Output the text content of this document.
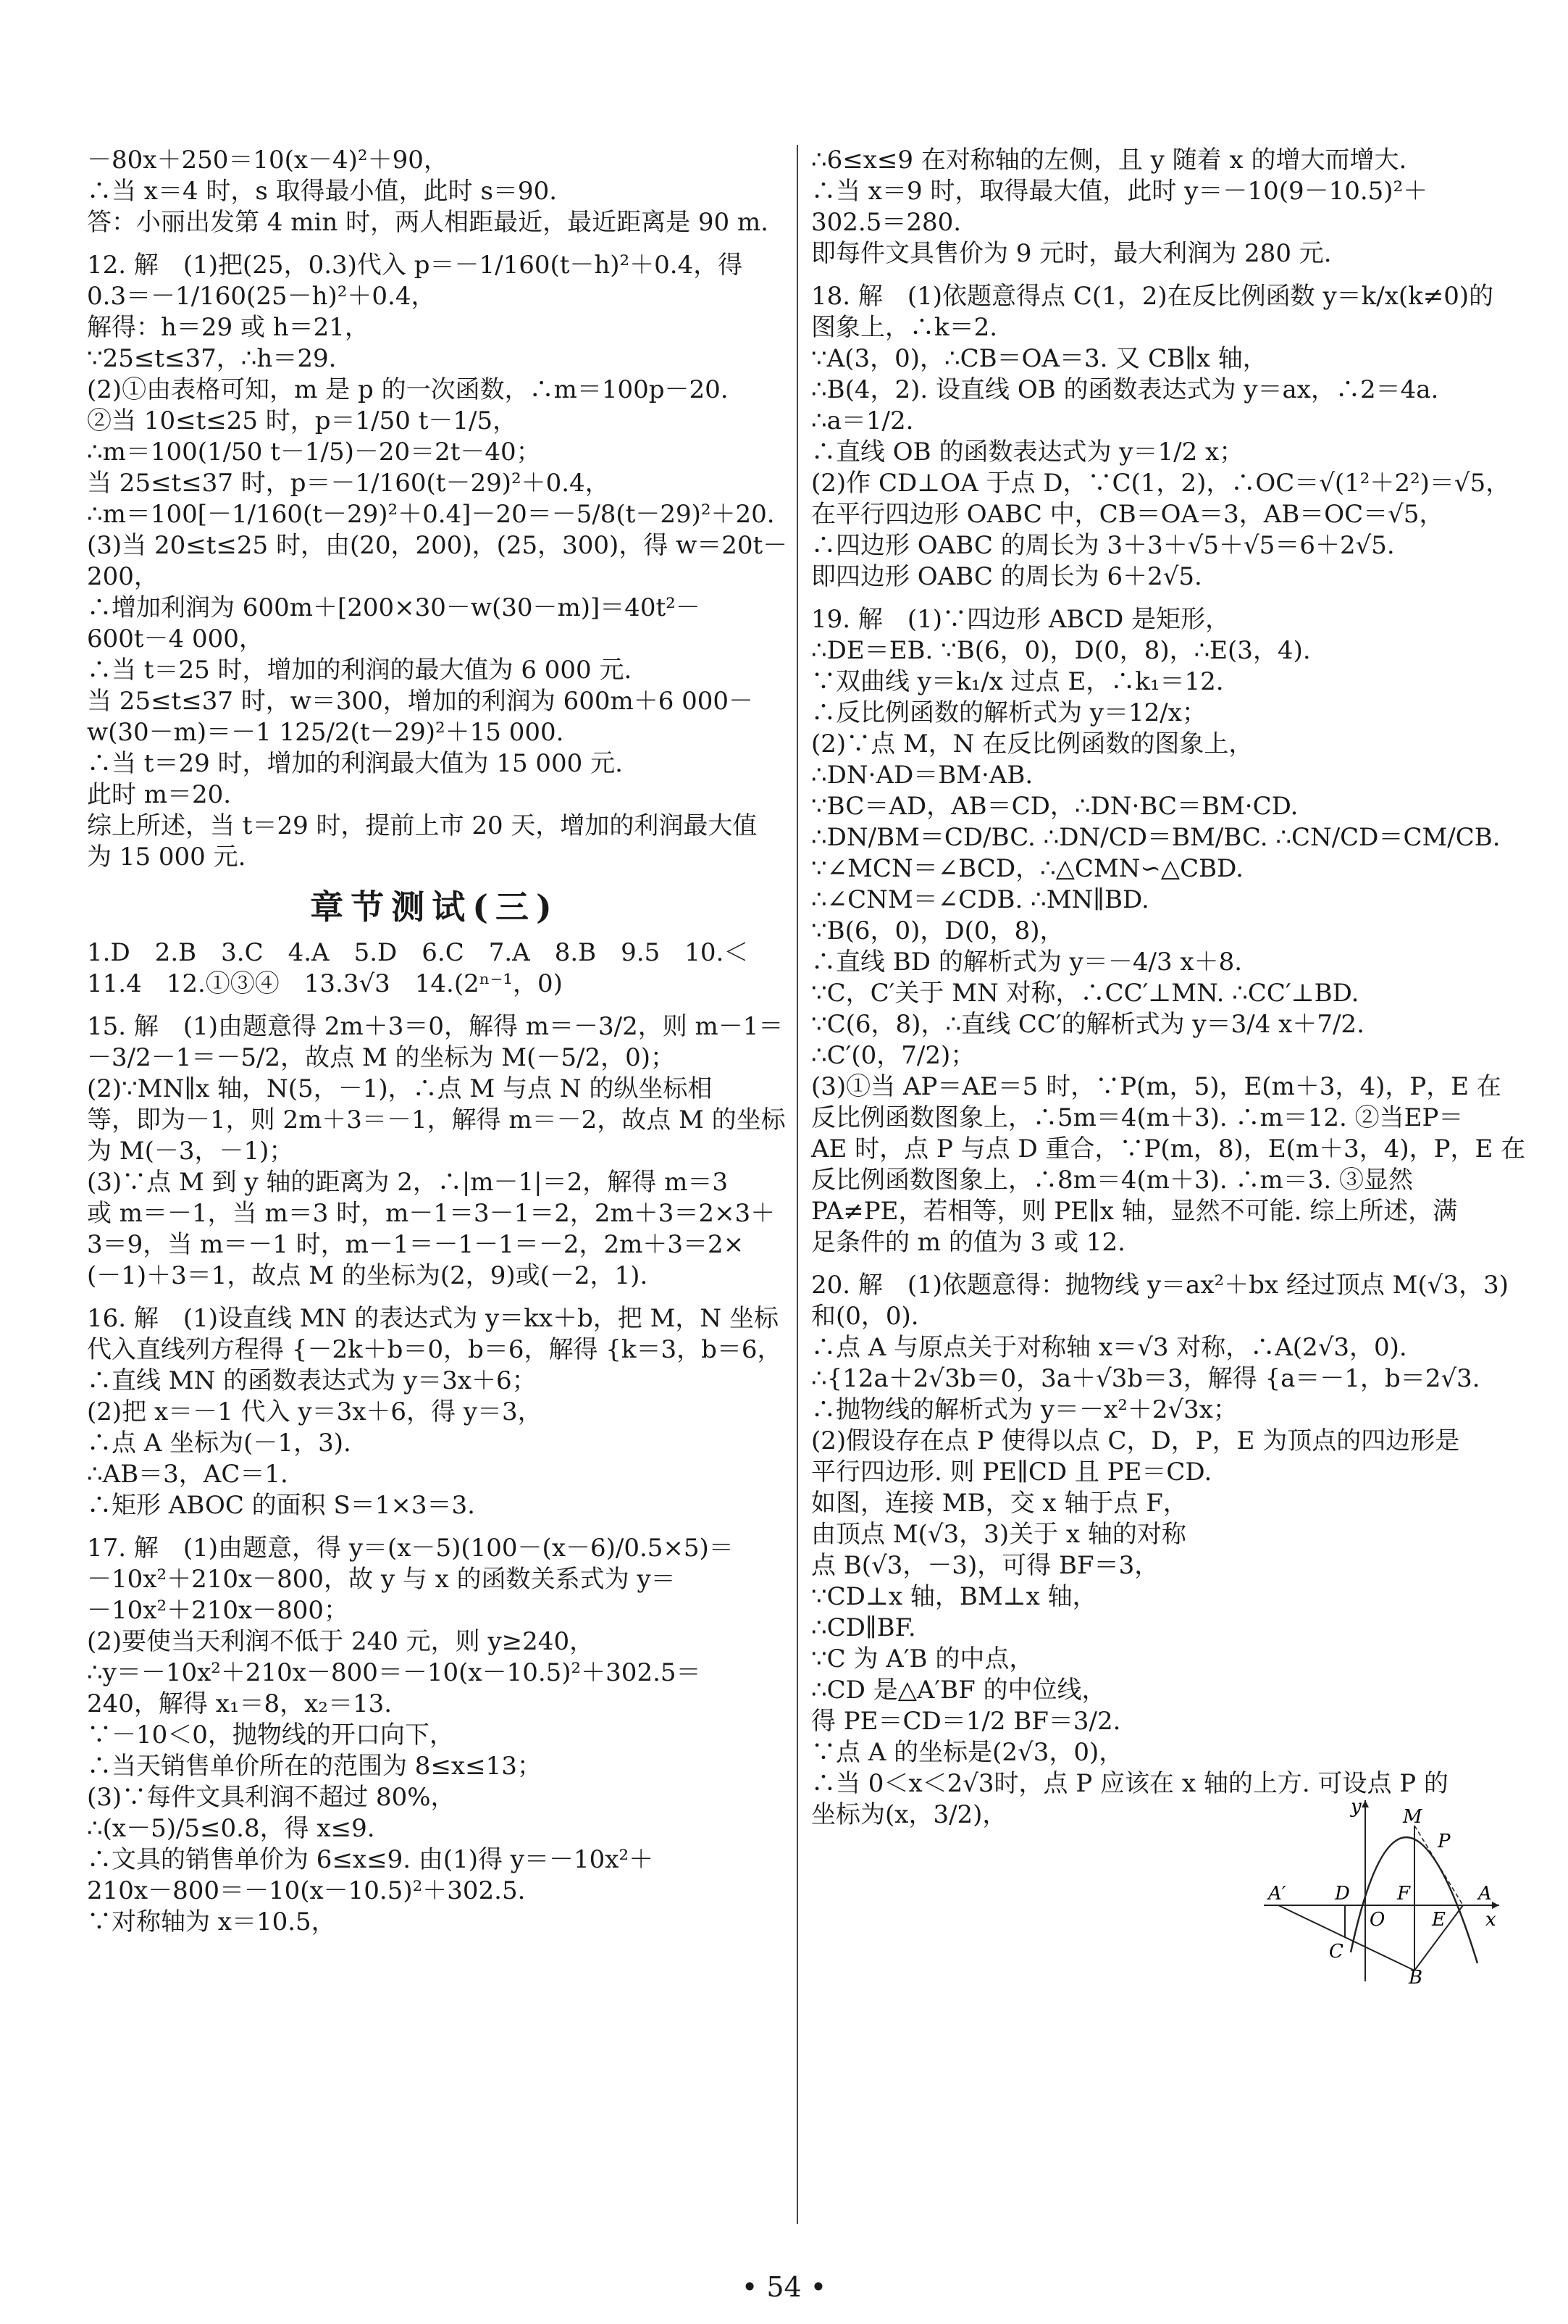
－80x＋250＝10(x－4)²＋90，
∴当 x＝4 时，s 取得最小值，此时 s＝90.
答：小丽出发第 4 min 时，两人相距最近，最近距离是 90 m.
12. 解　(1)把(25，0.3)代入 p＝－1/160(t－h)²＋0.4，得
0.3＝－1/160(25－h)²＋0.4，
解得：h＝29 或 h＝21，
∵25≤t≤37，∴h＝29.
(2)①由表格可知，m 是 p 的一次函数，∴m＝100p－20.
②当 10≤t≤25 时，p＝1/50 t－1/5，
∴m＝100(1/50 t－1/5)－20＝2t－40；
当 25≤t≤37 时，p＝－1/160(t－29)²＋0.4，
∴m＝100[－1/160(t－29)²＋0.4]－20＝－5/8(t－29)²＋20.
(3)当 20≤t≤25 时，由(20，200)，(25，300)，得 w＝20t－
200，
∴增加利润为 600m＋[200×30－w(30－m)]＝40t²－
600t－4 000，
∴当 t＝25 时，增加的利润的最大值为 6 000 元.
当 25≤t≤37 时，w＝300，增加的利润为 600m＋6 000－
w(30－m)＝－1 125/2(t－29)²＋15 000.
∴当 t＝29 时，增加的利润最大值为 15 000 元.
此时 m＝20.
综上所述，当 t＝29 时，提前上市 20 天，增加的利润最大值
为 15 000 元.
章节测试(三)
1.D　2.B　3.C　4.A　5.D　6.C　7.A　8.B　9.5　10.＜
11.4　12.①③④　13.3√3　14.(2ⁿ⁻¹，0)
15. 解　(1)由题意得 2m＋3＝0，解得 m＝－3/2，则 m－1＝
－3/2－1＝－5/2，故点 M 的坐标为 M(－5/2，0)；
(2)∵MN∥x 轴，N(5，－1)，∴点 M 与点 N 的纵坐标相
等，即为－1，则 2m＋3＝－1，解得 m＝－2，故点 M 的坐标
为 M(－3，－1)；
(3)∵点 M 到 y 轴的距离为 2，∴|m－1|＝2，解得 m＝3
或 m＝－1，当 m＝3 时，m－1＝3－1＝2，2m＋3＝2×3＋
3＝9，当 m＝－1 时，m－1＝－1－1＝－2，2m＋3＝2×
(－1)＋3＝1，故点 M 的坐标为(2，9)或(－2，1).
16. 解　(1)设直线 MN 的表达式为 y＝kx＋b，把 M，N 坐标
代入直线列方程得 {－2k＋b＝0，b＝6，解得 {k＝3，b＝6，
∴直线 MN 的函数表达式为 y＝3x＋6；
(2)把 x＝－1 代入 y＝3x＋6，得 y＝3，
∴点 A 坐标为(－1，3).
∴AB＝3，AC＝1.
∴矩形 ABOC 的面积 S＝1×3＝3.
17. 解　(1)由题意，得 y＝(x－5)(100－(x－6)/0.5×5)＝
－10x²＋210x－800，故 y 与 x 的函数关系式为 y＝
－10x²＋210x－800；
(2)要使当天利润不低于 240 元，则 y≥240，
∴y＝－10x²＋210x－800＝－10(x－10.5)²＋302.5＝
240，解得 x₁＝8，x₂＝13.
∵－10＜0，抛物线的开口向下，
∴当天销售单价所在的范围为 8≤x≤13；
(3)∵每件文具利润不超过 80%，
∴(x－5)/5≤0.8，得 x≤9.
∴文具的销售单价为 6≤x≤9. 由(1)得 y＝－10x²＋
210x－800＝－10(x－10.5)²＋302.5.
∵对称轴为 x＝10.5，
∴6≤x≤9 在对称轴的左侧，且 y 随着 x 的增大而增大.
∴当 x＝9 时，取得最大值，此时 y＝－10(9－10.5)²＋
302.5＝280.
即每件文具售价为 9 元时，最大利润为 280 元.
18. 解　(1)依题意得点 C(1，2)在反比例函数 y＝k/x(k≠0)的
图象上，∴k＝2.
∵A(3，0)，∴CB＝OA＝3. 又 CB∥x 轴，
∴B(4，2). 设直线 OB 的函数表达式为 y＝ax，∴2＝4a.
∴a＝1/2.
∴直线 OB 的函数表达式为 y＝1/2 x；
(2)作 CD⊥OA 于点 D，∵C(1，2)，∴OC＝√(1²＋2²)＝√5，
在平行四边形 OABC 中，CB＝OA＝3，AB＝OC＝√5，
∴四边形 OABC 的周长为 3＋3＋√5＋√5＝6＋2√5.
即四边形 OABC 的周长为 6＋2√5.
19. 解　(1)∵四边形 ABCD 是矩形，
∴DE＝EB. ∵B(6，0)，D(0，8)，∴E(3，4).
∵双曲线 y＝k₁/x 过点 E，∴k₁＝12.
∴反比例函数的解析式为 y＝12/x；
(2)∵点 M，N 在反比例函数的图象上，
∴DN·AD＝BM·AB.
∵BC＝AD，AB＝CD，∴DN·BC＝BM·CD.
∴DN/BM＝CD/BC. ∴DN/CD＝BM/BC. ∴CN/CD＝CM/CB.
∵∠MCN＝∠BCD，∴△CMN∽△CBD.
∴∠CNM＝∠CDB. ∴MN∥BD.
∵B(6，0)，D(0，8)，
∴直线 BD 的解析式为 y＝－4/3 x＋8.
∵C，C′关于 MN 对称，∴CC′⊥MN. ∴CC′⊥BD.
∵C(6，8)，∴直线 CC′的解析式为 y＝3/4 x＋7/2.
∴C′(0，7/2)；
(3)①当 AP＝AE＝5 时，∵P(m，5)，E(m＋3，4)，P，E 在
反比例函数图象上，∴5m＝4(m＋3). ∴m＝12. ②当EP＝
AE 时，点 P 与点 D 重合，∵P(m，8)，E(m＋3，4)，P，E 在
反比例函数图象上，∴8m＝4(m＋3). ∴m＝3. ③显然
PA≠PE，若相等，则 PE∥x 轴，显然不可能. 综上所述，满
足条件的 m 的值为 3 或 12.
20. 解　(1)依题意得：抛物线 y＝ax²＋bx 经过顶点 M(√3，3)
和(0，0).
∴点 A 与原点关于对称轴 x＝√3 对称，∴A(2√3，0).
∴{12a＋2√3b＝0，3a＋√3b＝3，解得 {a＝－1，b＝2√3.
∴抛物线的解析式为 y＝－x²＋2√3x；
(2)假设存在点 P 使得以点 C，D，P，E 为顶点的四边形是
平行四边形. 则 PE∥CD 且 PE＝CD.
如图，连接 MB，交 x 轴于点 F，
由顶点 M(√3，3)关于 x 轴的对称
点 B(√3，－3)，可得 BF＝3，
∵CD⊥x 轴，BM⊥x 轴，
∴CD∥BF.
∵C 为 A′B 的中点，
∴CD 是△A′BF 的中位线，
得 PE＝CD＝1/2 BF＝3/2.
∵点 A 的坐标是(2√3，0)，
∴当 0＜x＜2√3时，点 P 应该在 x 轴的上方. 可设点 P 的
坐标为(x，3/2)，	y
x
M
P
A′	D	F	A
O E
C
B
• 54 •
